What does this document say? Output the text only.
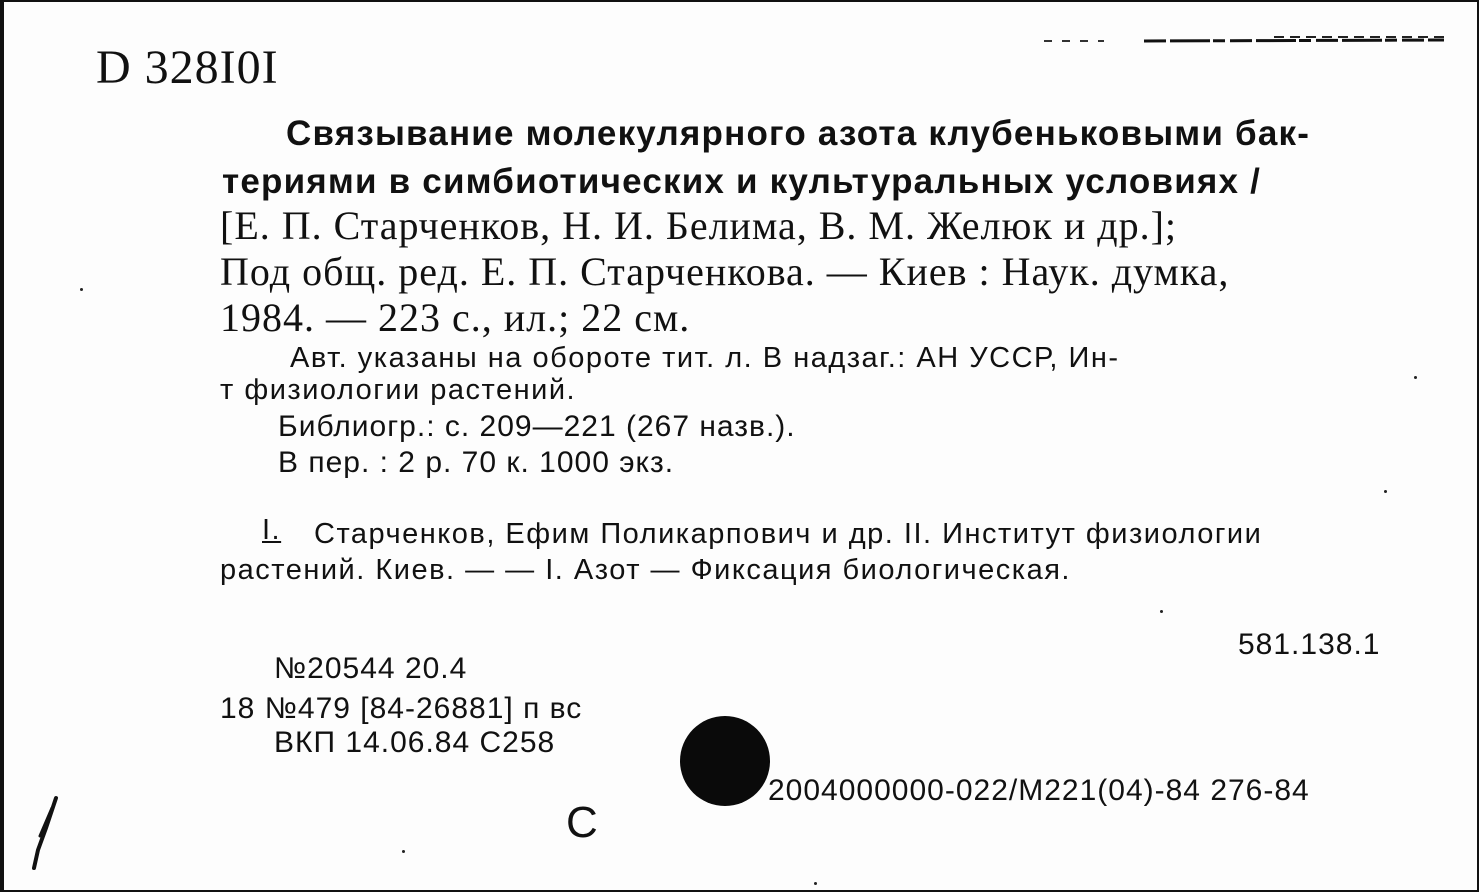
D 328I0I
Связывание молекулярного азота клубеньковыми бак-
териями в симбиотических и культуральных условиях /
[Е. П. Старченков, Н. И. Белима, В. М. Желюк и др.];
Под общ. ред. Е. П. Старченкова. — Киев : Наук. думка,
1984. — 223 с., ил.; 22 см.
Авт. указаны на обороте тит. л. В надзаг.: АН УССР, Ин-
т физиологии растений.
Библиогр.: с. 209—221 (267 назв.).
В пер. : 2 р. 70 к. 1000 экз.
I. Старченков, Ефим Поликарпович и др. II. Институт физиологии
растений. Киев. — — I. Азот — Фиксация биологическая.
581.138.1
№20544 20.4
18 №479 [84-26881] п вс
ВКП 14.06.84 С258
2004000000-022/М221(04)-84 276-84
С
